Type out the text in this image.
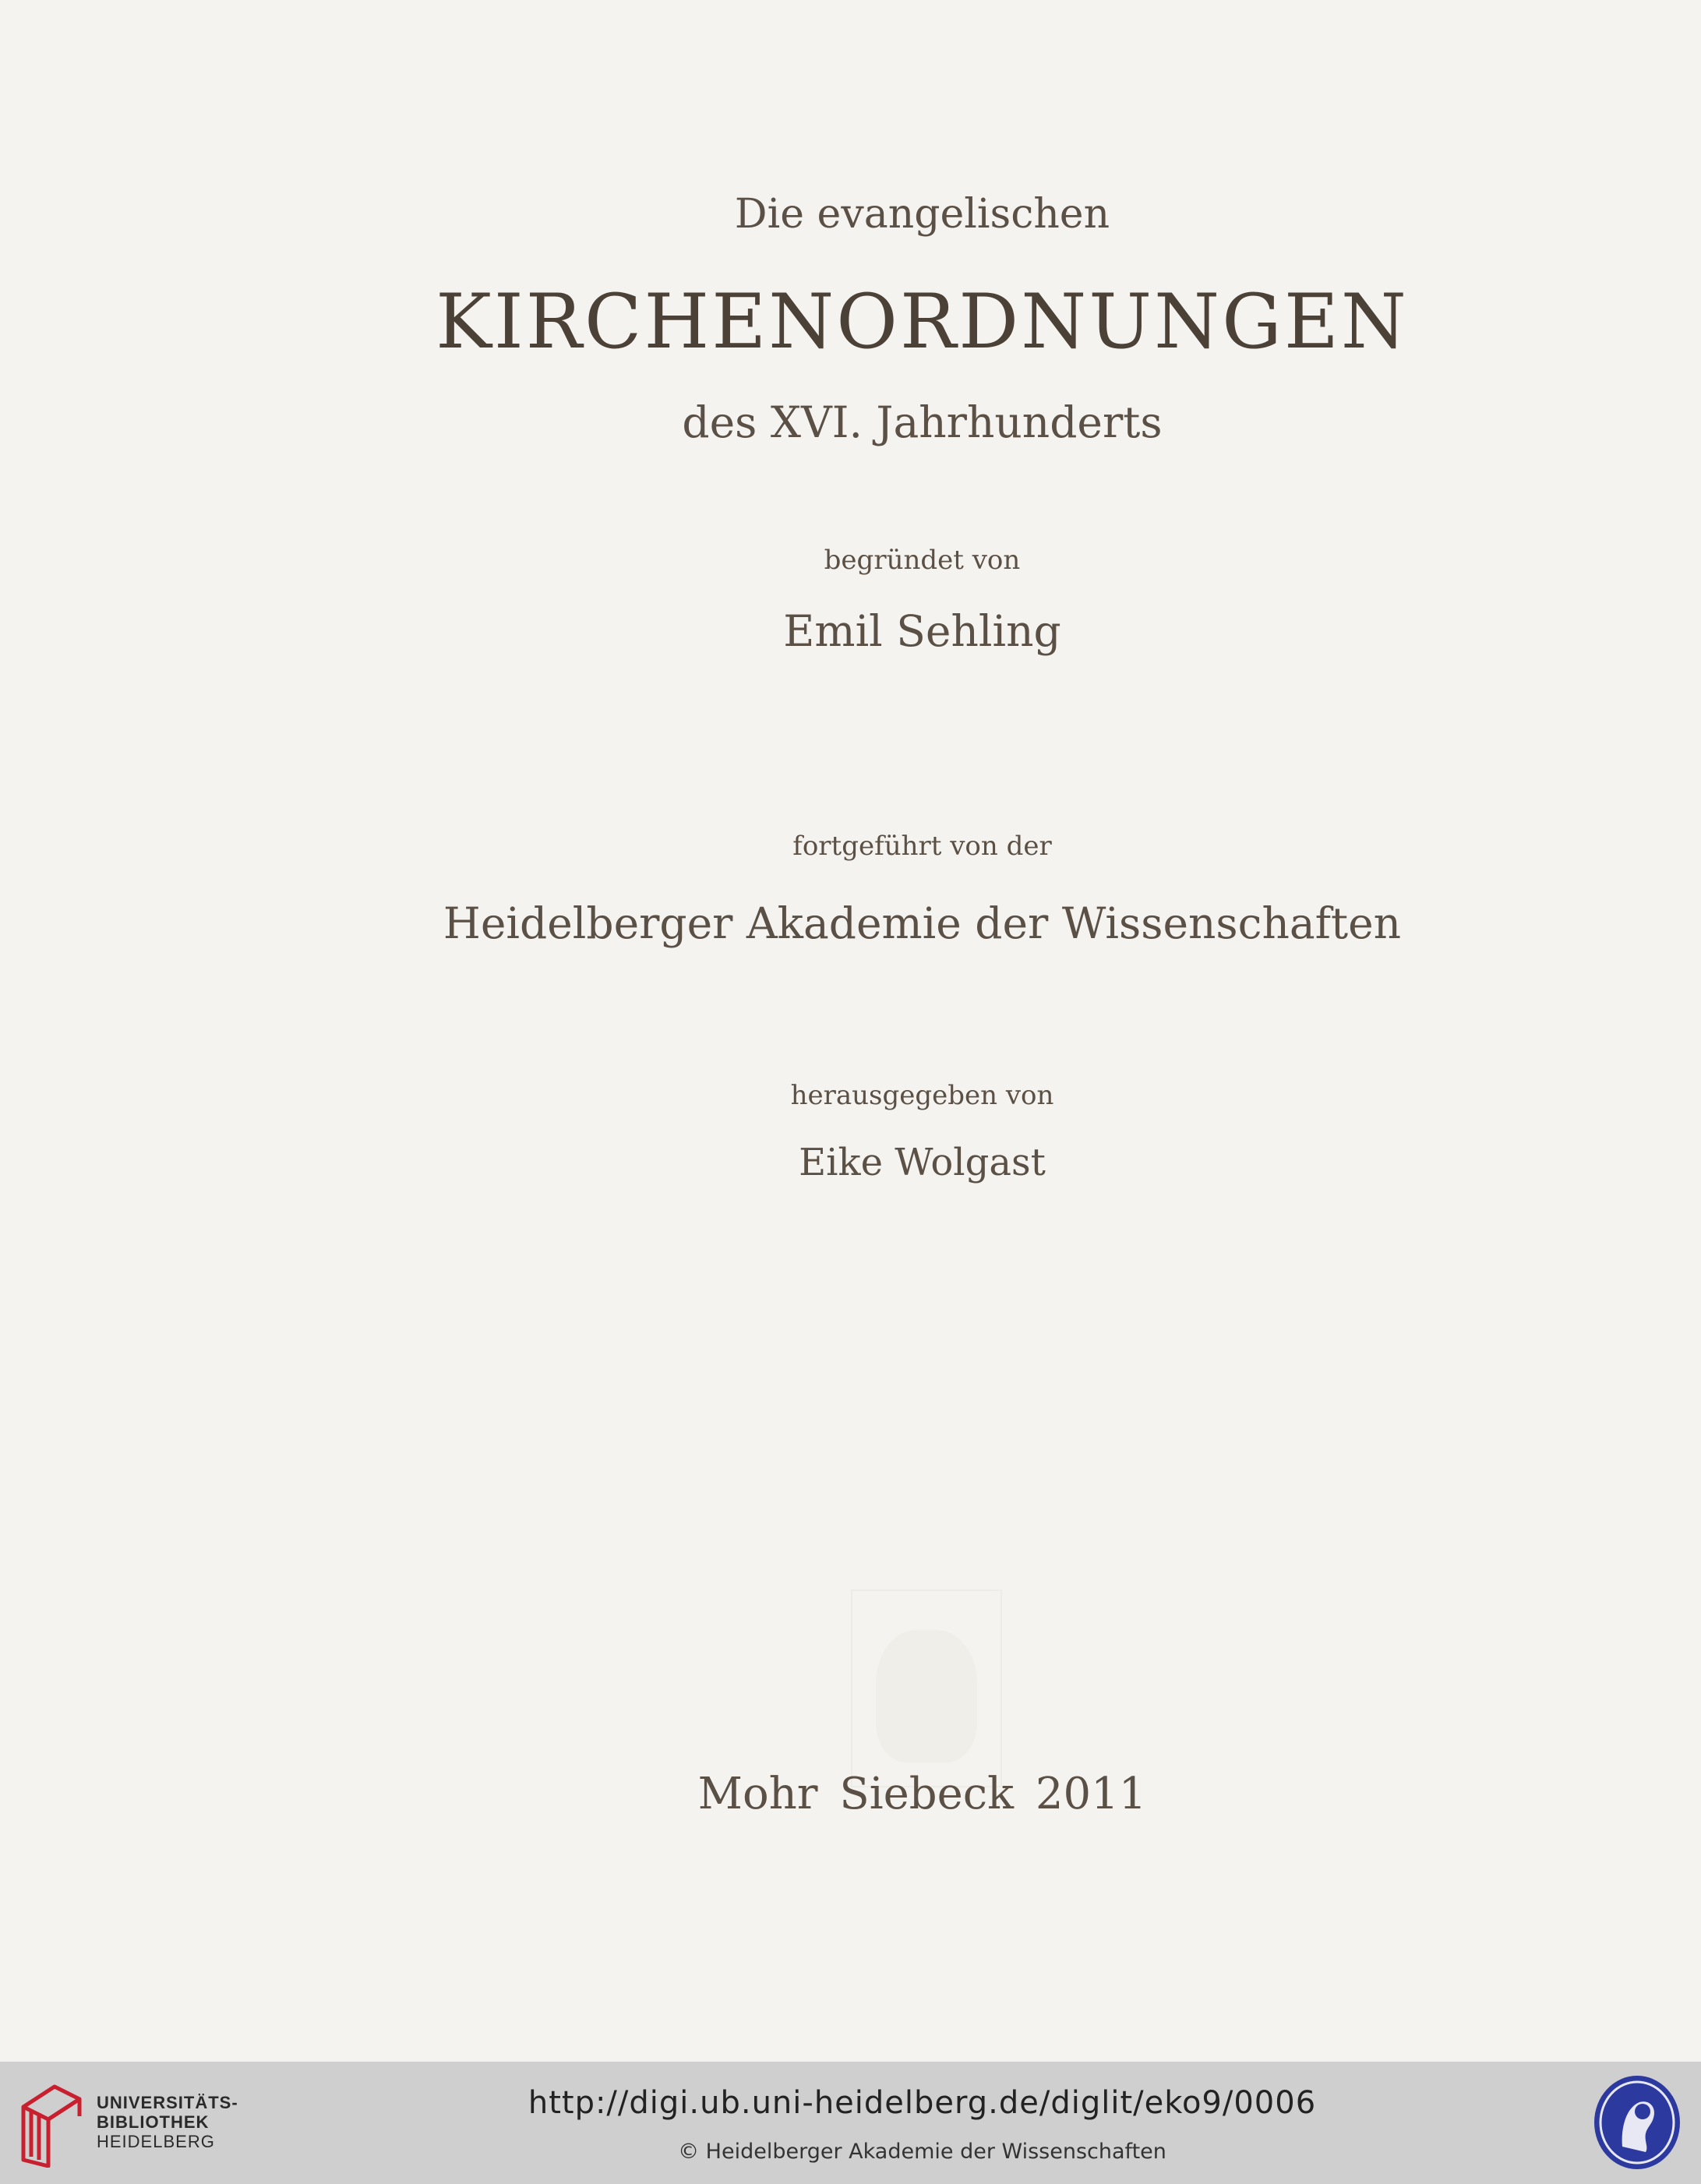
Die evangelischen
KIRCHENORDNUNGEN
des XVI. Jahrhunderts

begründet von

Emil Sehling

fortgeführt von der

Heidelberger Akademie der Wissenschaften

herausgegeben von

Eike Wolgast

Mohr Siebeck 2011

UNIVERSITÄTS-
BIBLIOTHEK
HEIDELBERG
http://digi.ub.uni-heidelberg.de/diglit/eko9/0006
© Heidelberger Akademie der Wissenschaften
